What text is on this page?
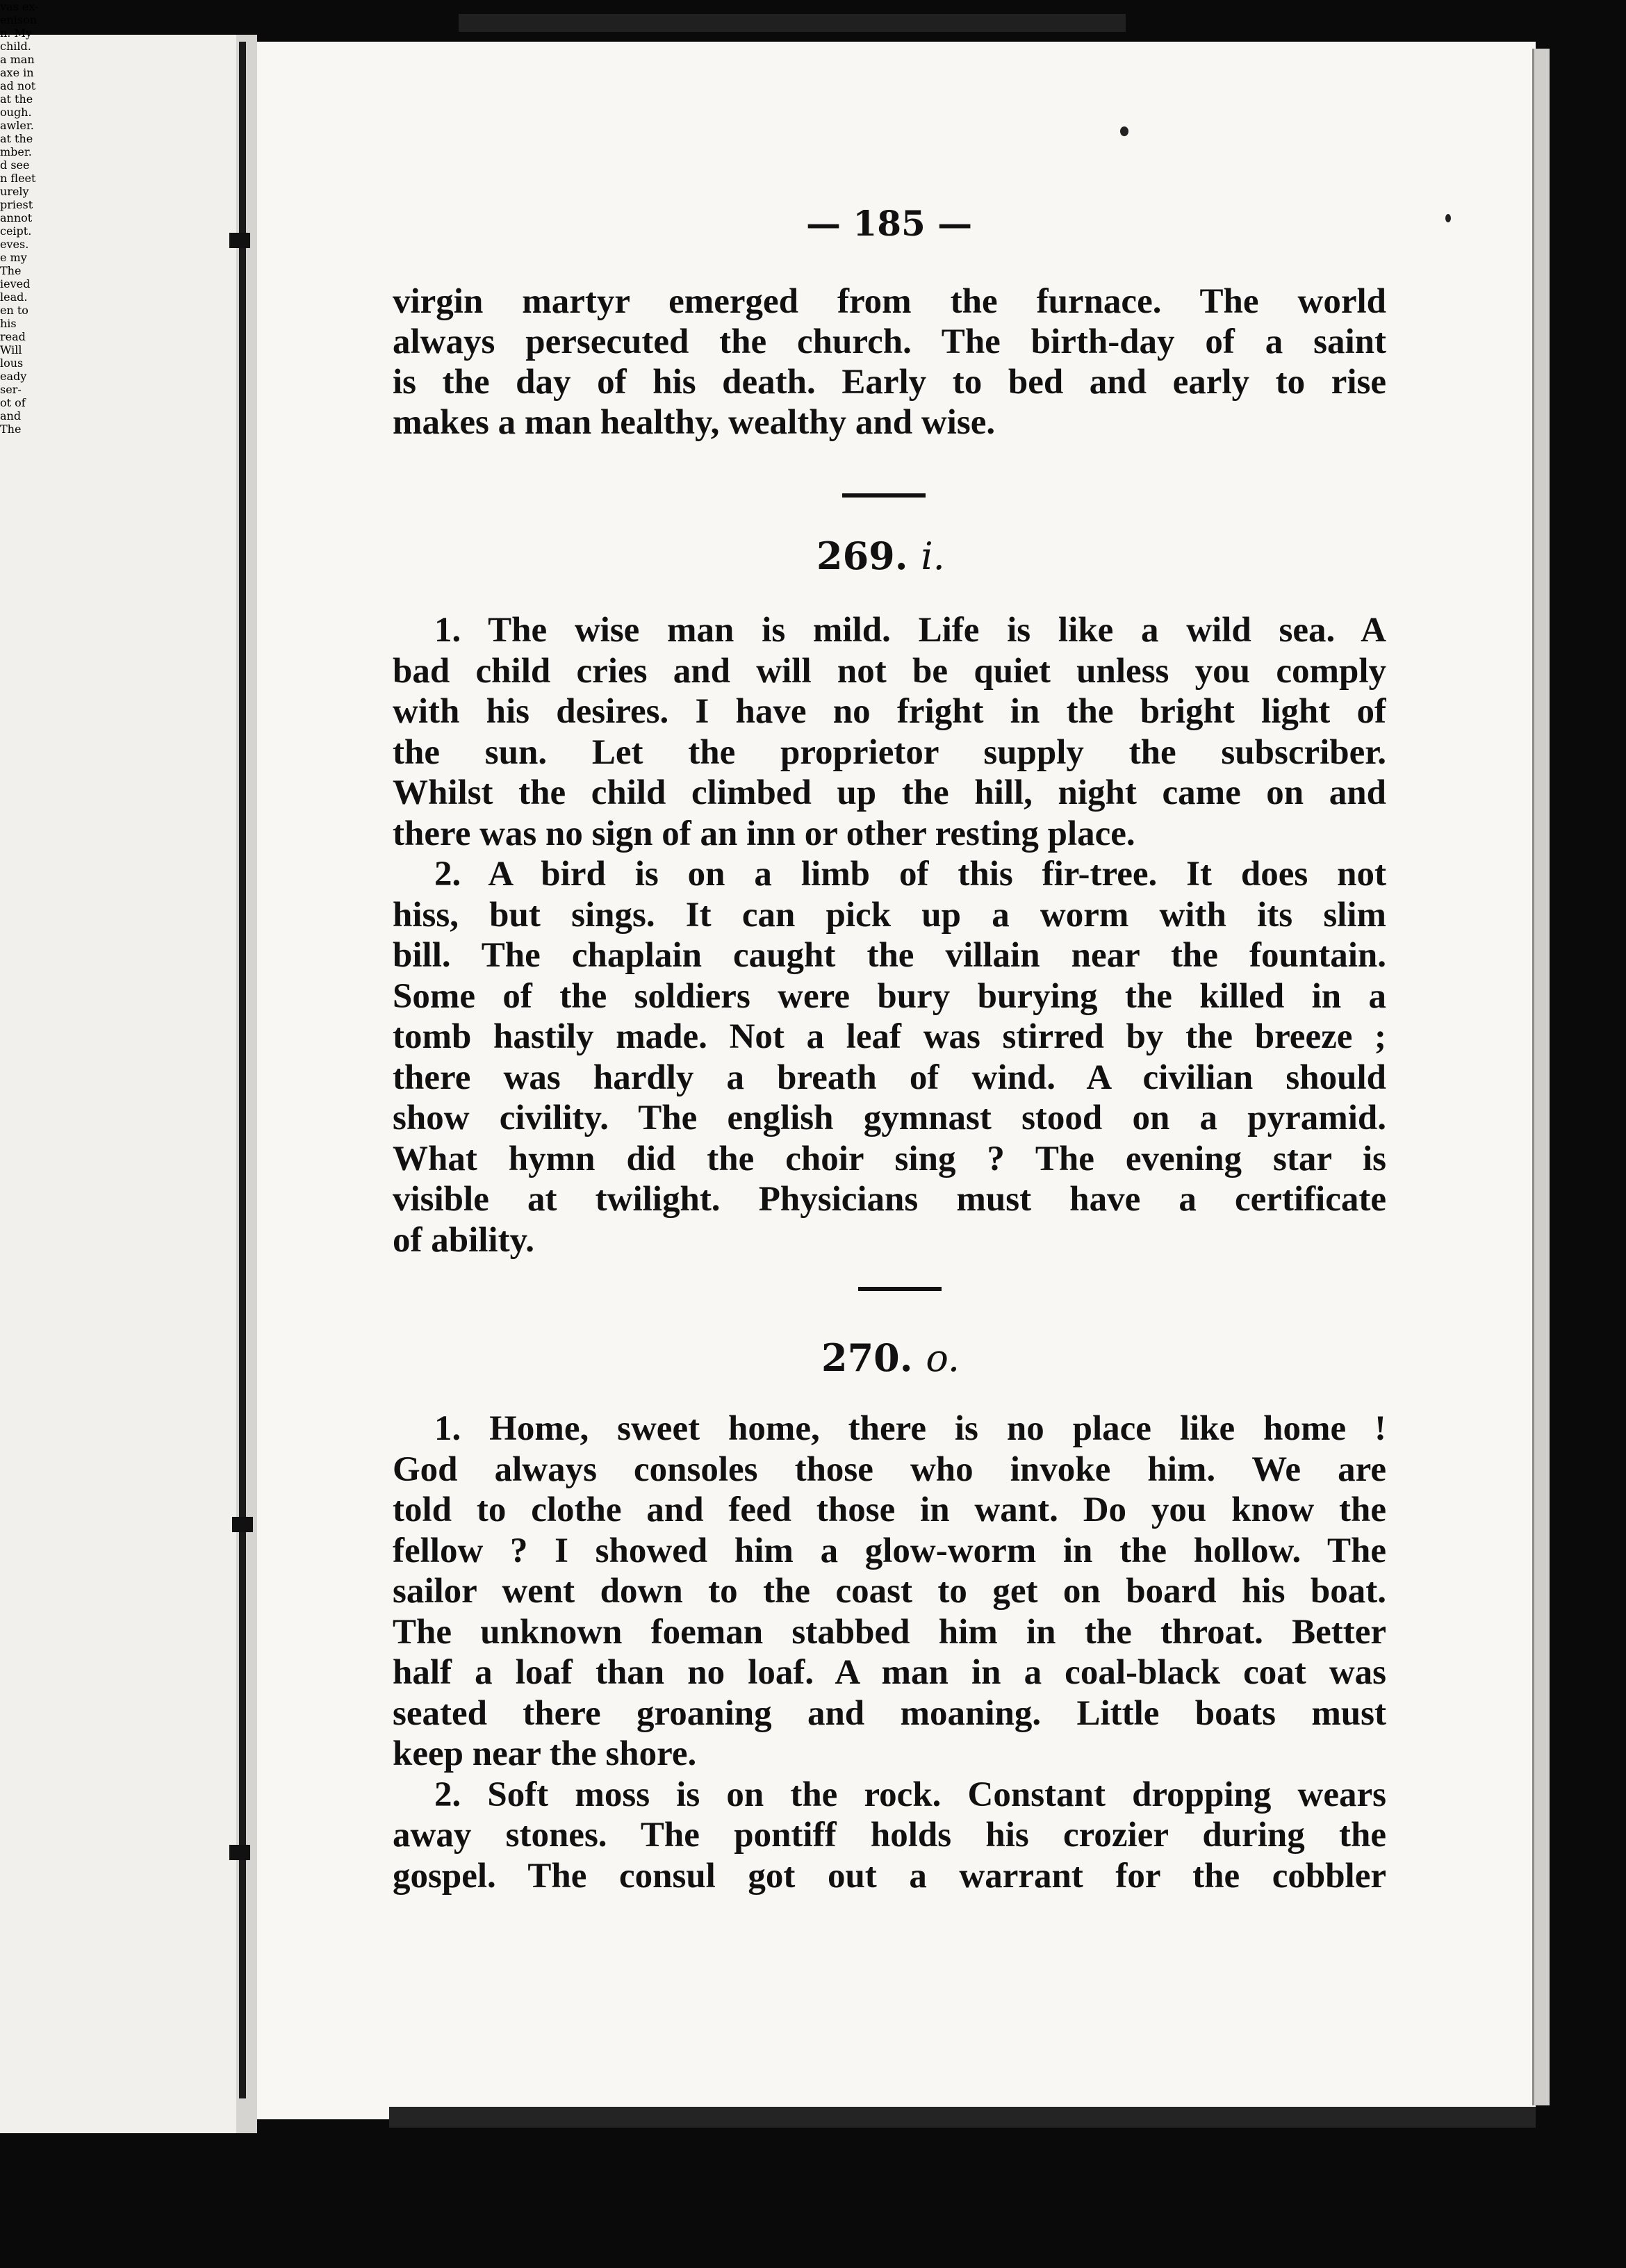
vas ex-
enison
n. My
child.
a man
axe in
ad not
at the
ough.
awler.
at the
mber.
d see
n fleet
urely
priest
annot
ceipt.
eves.
e my
The
ieved
lead.
en to
his
read
Will
lous
eady
ser-
ot of
and
The
— 185 —
virgin martyr emerged from the furnace. The world
always persecuted the church. The birth-day of a saint
is the day of his death. Early to bed and early to rise
makes a man healthy, wealthy and wise.
269. i.
1. The wise man is mild. Life is like a wild sea. A
bad child cries and will not be quiet unless you comply
with his desires. I have no fright in the bright light of
the sun. Let the proprietor supply the subscriber.
Whilst the child climbed up the hill, night came on and
there was no sign of an inn or other resting place.
2. A bird is on a limb of this fir-tree. It does not
hiss, but sings. It can pick up a worm with its slim
bill. The chaplain caught the villain near the fountain.
Some of the soldiers were bury burying the killed in a
tomb hastily made. Not a leaf was stirred by the breeze ;
there was hardly a breath of wind. A civilian should
show civility. The english gymnast stood on a pyramid.
What hymn did the choir sing ? The evening star is
visible at twilight. Physicians must have a certificate
of ability.
270. o.
1. Home, sweet home, there is no place like home !
God always consoles those who invoke him. We are
told to clothe and feed those in want. Do you know the
fellow ? I showed him a glow-worm in the hollow. The
sailor went down to the coast to get on board his boat.
The unknown foeman stabbed him in the throat. Better
half a loaf than no loaf. A man in a coal-black coat was
seated there groaning and moaning. Little boats must
keep near the shore.
2. Soft moss is on the rock. Constant dropping wears
away stones. The pontiff holds his crozier during the
gospel. The consul got out a warrant for the cobbler
